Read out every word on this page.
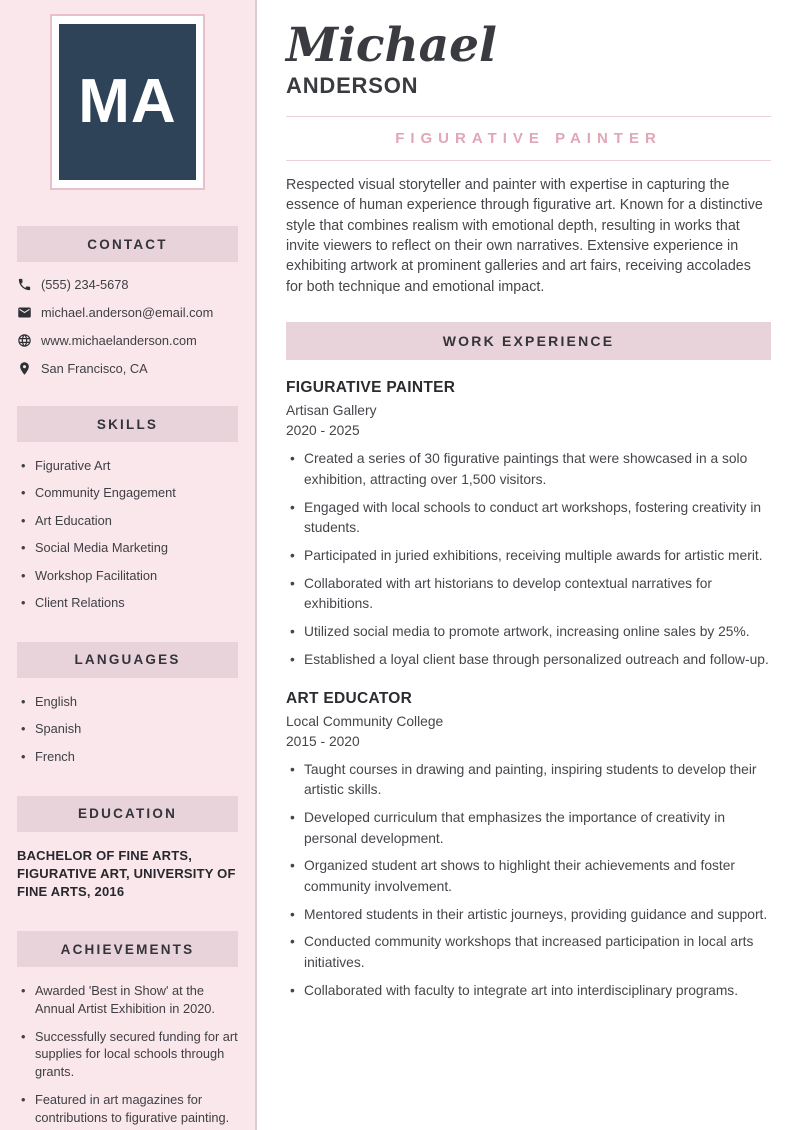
MA
CONTACT
(555) 234-5678
michael.anderson@email.com
www.michaelanderson.com
San Francisco, CA
SKILLS
• Figurative Art
• Community Engagement
• Art Education
• Social Media Marketing
• Workshop Facilitation
• Client Relations
LANGUAGES
• English
• Spanish
• French
EDUCATION

BACHELOR OF FINE ARTS, FIGURATIVE ART, UNIVERSITY OF FINE ARTS, 2016

ACHIEVEMENTS
• Awarded 'Best in Show' at the Annual Artist Exhibition in 2020.
• Successfully secured funding for art supplies for local schools through grants.
• Featured in art magazines for contributions to figurative painting.
Michael
ANDERSON
FIGURATIVE PAINTER

Respected visual storyteller and painter with expertise in capturing the essence of human experience through figurative art. Known for a distinctive style that combines realism with emotional depth, resulting in works that invite viewers to reflect on their own narratives. Extensive experience in exhibiting artwork at prominent galleries and art fairs, receiving accolades for both technique and emotional impact.

WORK EXPERIENCE
FIGURATIVE PAINTER
Artisan Gallery
2020 - 2025
• Created a series of 30 figurative paintings that were showcased in a solo exhibition, attracting over 1,500 visitors.
• Engaged with local schools to conduct art workshops, fostering creativity in students.
• Participated in juried exhibitions, receiving multiple awards for artistic merit.
• Collaborated with art historians to develop contextual narratives for exhibitions.
• Utilized social media to promote artwork, increasing online sales by 25%.
• Established a loyal client base through personalized outreach and follow-up.
ART EDUCATOR
Local Community College
2015 - 2020
• Taught courses in drawing and painting, inspiring students to develop their artistic skills.
• Developed curriculum that emphasizes the importance of creativity in personal development.
• Organized student art shows to highlight their achievements and foster community involvement.
• Mentored students in their artistic journeys, providing guidance and support.
• Conducted community workshops that increased participation in local arts initiatives.
• Collaborated with faculty to integrate art into interdisciplinary programs.
